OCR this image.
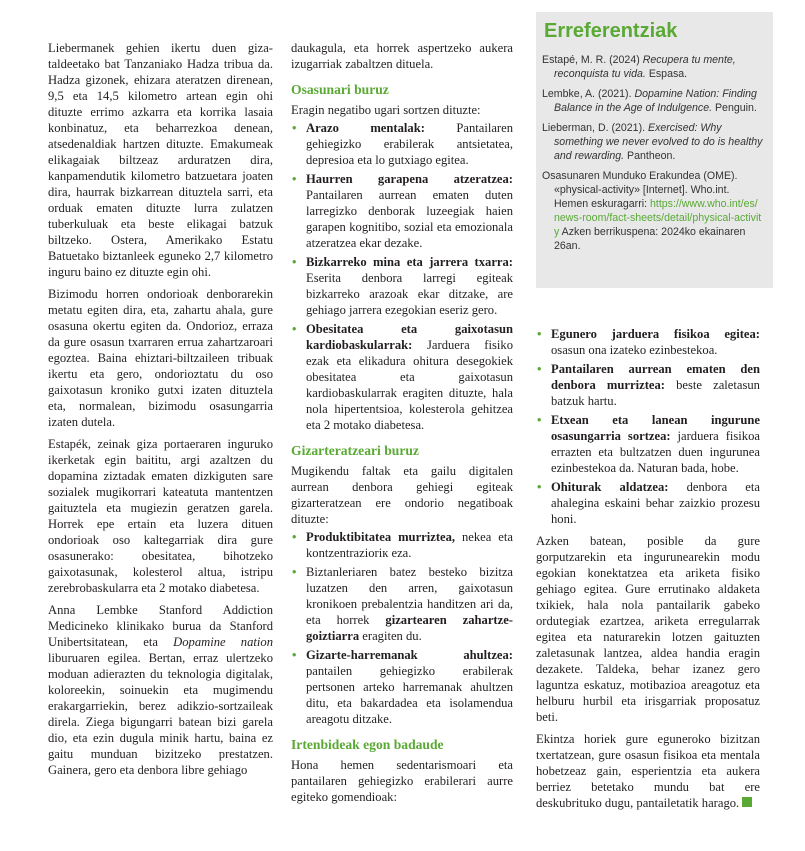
Liebermanek gehien ikertu duen giza-taldeetako bat Tanzaniako Hadza tribua da. Hadza gizonek, ehizara ateratzen direnean, 9,5 eta 14,5 kilometro artean egin ohi dituzte errimo azkarra eta korrika lasaia konbinatuz, eta beharrezkoa denean, atsedenaldiak hartzen dituzte. Emakumeak elikagaiak biltzeaz arduratzen dira, kanpamendutik kilometro batzuetara joaten dira, haurrak bizkarrean dituztela sarri, eta orduak ematen dituzte lurra zulatzen tuberkuluak eta beste elikagai batzuk biltzeko. Ostera, Amerikako Estatu Batuetako biztanleek eguneko 2,7 kilometro inguru baino ez dituzte egin ohi.

Bizimodu horren ondorioak denborarekin metatu egiten dira, eta, zahartu ahala, gure osasuna okertu egiten da. Ondorioz, erraza da gure osasun txarraren errua zahartzaroari egoztea. Baina ehiztari-biltzaileen tribuak ikertu eta gero, ondorioztatu du oso gaixotasun kroniko gutxi izaten dituztela eta, normalean, bizimodu osasungarria izaten dutela.

Estapék, zeinak giza portaeraren inguruko ikerketak egin baititu, argi azaltzen du dopamina ziztadak ematen dizkiguten sare sozialek mugikorrari kateatuta mantentzen gaituztela eta mugiezin geratzen garela. Horrek epe ertain eta luzera dituen ondorioak oso kaltegarriak dira gure osasunerako: obesitatea, bihotzeko gaixotasunak, kolesterol altua, istripu zerebrobaskularra eta 2 motako diabetesa.

Anna Lembke Stanford Addiction Medicineko klinikako burua da Stanford Unibertsitatean, eta Dopamine nation liburuaren egilea. Bertan, erraz ulertzeko moduan adierazten du teknologia digitalak, koloreekin, soinuekin eta mugimendu erakargarriekin, berez adikzio-sortzaileak direla. Ziega bigungarri batean bizi garela dio, eta ezin dugula minik hartu, baina ez gaitu munduan bizitzeko prestatzen. Gainera, gero eta denbora libre gehiago

daukagula, eta horrek aspertzeko aukera izugarriak zabaltzen dituela.

Osasunari buruz

Eragin negatibo ugari sortzen dituzte:

• Arazo mentalak: Pantailaren gehiegizko erabilerak antsietatea, depresioa eta lo gutxiago egitea.
• Haurren garapena atzeratzea: Pantailaren aurrean ematen duten larregizko denborak luzeegiak haien garapen kognitibo, sozial eta emozionala atzeratzea ekar dezake.
• Bizkarreko mina eta jarrera txarra: Eserita denbora larregi egiteak bizkarreko arazoak ekar ditzake, are gehiago jarrera ezegokian eseriz gero.
• Obesitatea eta gaixotasun kardiobaskularrak: Jarduera fisiko ezak eta elikadura ohitura desegokiek obesitatea eta gaixotasun kardiobaskularrak eragiten dituzte, hala nola hipertentsioa, kolesterola gehitzea eta 2 motako diabetesa.
Gizarteratzeari buruz

Mugikendu faltak eta gailu digitalen aurrean denbora gehiegi egiteak gizarteratzean ere ondorio negatiboak dituzte:

• Produktibitatea murriztea, nekea eta kontzentrazioriк eza.
• Biztanleriaren batez besteko bizitza luzatzen den arren, gaixotasun kronikoen prebalentzia handitzen ari da, eta horrek gizartearen zahartze-goiztiarra eragiten du.
• Gizarte-harremanak ahultzea: pantailen gehiegizko erabilerak pertsonen arteko harremanak ahultzen ditu, eta bakardadea eta isolamendua areagotu ditzake.
Irtenbideak egon badaude

Hona hemen sedentarismoari eta pantailaren gehiegizko erabilerari aurre egiteko gomendioak:

Erreferentziak
Estapé, M. R. (2024) Recupera tu mente, reconquista tu vida. Espasa.
Lembke, A. (2021). Dopamine Nation: Finding Balance in the Age of Indulgence. Penguin.
Lieberman, D. (2021). Exercised: Why something we never evolved to do is healthy and rewarding. Pantheon.
Osasunaren Munduko Erakundea (OME). «physical-activity» [Internet]. Who.int. Hemen eskuragarri: https://www.who.int/es/news-room/fact-sheets/detail/physical-activity Azken berrikuspena: 2024ko ekainaren 26an.
• Egunero jarduera fisikoa egitea: osasun ona izateko ezinbestekoa.
• Pantailaren aurrean ematen den denbora murriztea: beste zaletasun batzuk hartu.
• Etxean eta lanean ingurune osasungarria sortzea: jarduera fisikoa errazten eta bultzatzen duen ingurunea ezinbestekoa da. Naturan bada, hobe.
• Ohiturak aldatzea: denbora eta ahalegina eskaini behar zaizkio prozesu honi.

Azken batean, posible da gure gorputzarekin eta ingurunearekin modu egokian konektatzea eta ariketa fisiko gehiago egitea. Gure errutinako aldaketa txikiek, hala nola pantailarik gabeko ordutegiak ezartzea, ariketa erregularrak egitea eta naturarekin lotzen gaituzten zaletasunak lantzea, aldea handia eragin dezakete. Taldeka, behar izanez gero laguntza eskatuz, motibazioa areagotuz eta helburu hurbil eta irisgarriak proposatuz beti.

Ekintza horiek gure eguneroko bizitzan txertatzean, gure osasun fisikoa eta mentala hobetzeaz gain, esperientzia eta aukera berriez betetako mundu bat ere deskubrituko dugu, pantailetatik harago.
